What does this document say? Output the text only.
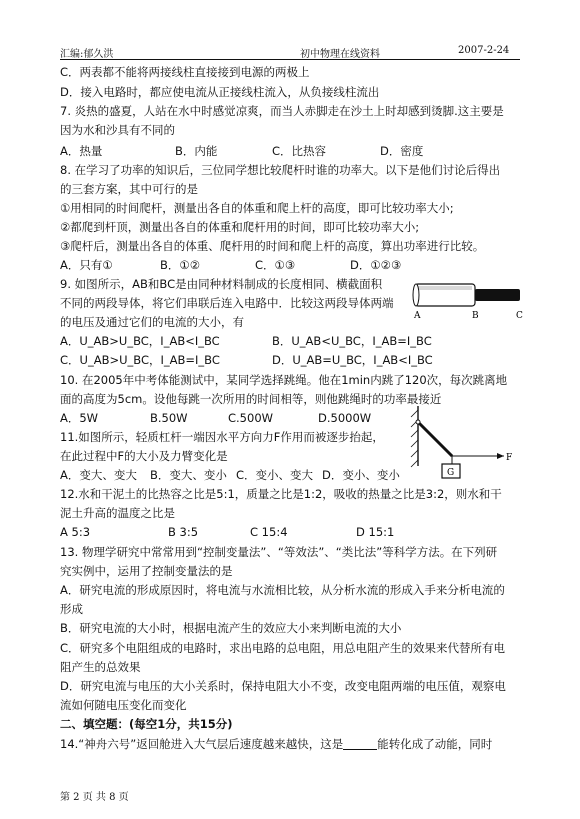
汇编:郁久洪	初中物理在线资料	2007-2-24
C．两表都不能将两接线柱直接接到电源的两极上
D．接入电路时，都应使电流从正接线柱流入，从负接线柱流出
7. 炎热的盛夏，人站在水中时感觉凉爽，而当人赤脚走在沙土上时却感到烫脚.这主要是
因为水和沙具有不同的
A．热量	B．内能	C．比热容	D．密度
8. 在学习了功率的知识后，三位同学想比较爬杆时谁的功率大。以下是他们讨论后得出
的三套方案，其中可行的是
①用相同的时间爬杆，测量出各自的体重和爬上杆的高度，即可比较功率大小;
②都爬到杆顶，测量出各自的体重和爬杆用的时间，即可比较功率大小;
③爬杆后，测量出各自的体重、爬杆用的时间和爬上杆的高度，算出功率进行比较。
A．只有①	B．①②	C．①③	D．①②③
9. 如图所示，AB和BC是由同种材料制成的长度相同、横截面积
不同的两段导体，将它们串联后连入电路中．比较这两段导体两端
的电压及通过它们的电流的大小，有
A．U_AB>U_BC，I_AB<I_BC	B．U_AB<U_BC，I_AB=I_BC
C．U_AB>U_BC，I_AB=I_BC	D．U_AB=U_BC，I_AB<I_BC
A	B	C
10. 在2005年中考体能测试中，某同学选择跳绳。他在1min内跳了120次，每次跳离地
面的高度为5cm。设他每跳一次所用的时间相等，则他跳绳时的功率最接近
A．5W	B.50W	C.500W	D.5000W
11.如图所示，轻质杠杆一端因水平方向力F作用而被逐步抬起，
在此过程中F的大小及力臂变化是
A．变大、变大 B．变大、变小 C．变小、变大 D．变小、变小	G
F
12.水和干泥土的比热容之比是5:1，质量之比是1:2，吸收的热量之比是3:2，则水和干
泥土升高的温度之比是
A 5:3	B 3:5	C 15:4	D 15:1
13. 物理学研究中常常用到“控制变量法”、“等效法”、“类比法”等科学方法。在下列研
究实例中，运用了控制变量法的是
A．研究电流的形成原因时，将电流与水流相比较，从分析水流的形成入手来分析电流的
形成
B．研究电流的大小时，根据电流产生的效应大小来判断电流的大小
C．研究多个电阻组成的电路时，求出电路的总电阻，用总电阻产生的效果来代替所有电
阻产生的总效果
D．研究电流与电压的大小关系时，保持电阻大小不变，改变电阻两端的电压值，观察电
流如何随电压变化而变化
二、填空题：(每空1分，共15分)
14.“神舟六号”返回舱进入大气层后速度越来越快，这是	能转化成了动能，同时
第 2 页 共 8 页
